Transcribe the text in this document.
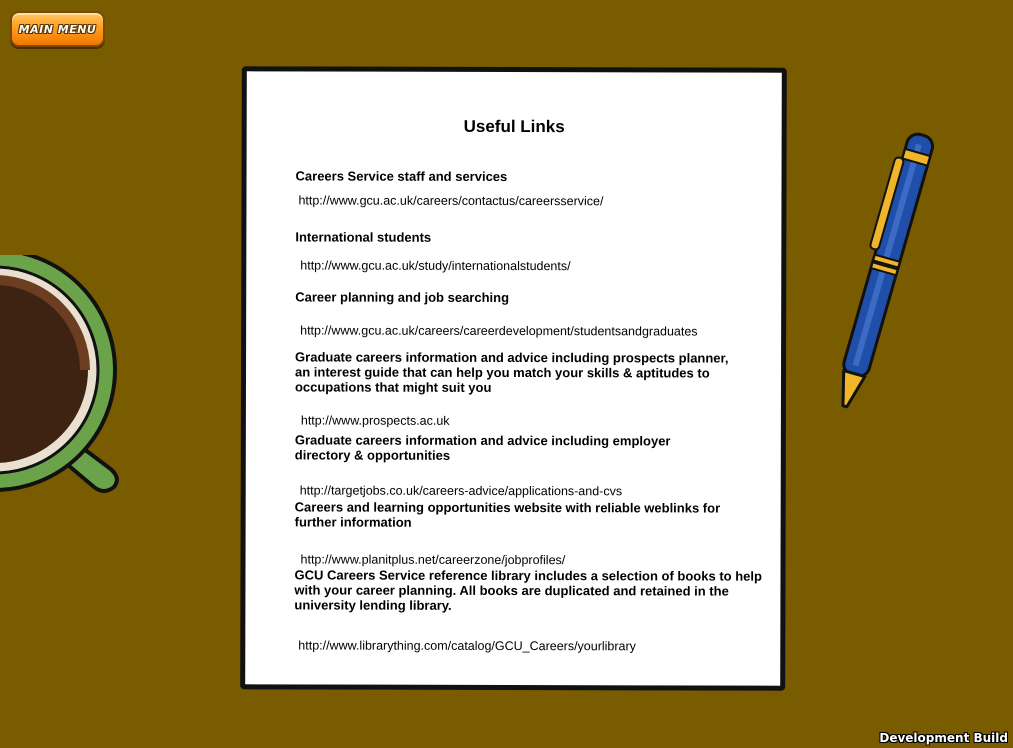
MAIN MENU
Useful Links
Careers Service staff and services
http://www.gcu.ac.uk/careers/contactus/careersservice/
International students
http://www.gcu.ac.uk/study/internationalstudents/
Career planning and job searching
http://www.gcu.ac.uk/careers/careerdevelopment/studentsandgraduates
Graduate careers information and advice including prospects planner, an interest guide that can help you match your skills & aptitudes to occupations that might suit you
http://www.prospects.ac.uk
Graduate careers information and advice including employer directory & opportunities
http://targetjobs.co.uk/careers-advice/applications-and-cvs
Careers and learning opportunities website with reliable weblinks for further information
http://www.planitplus.net/careerzone/jobprofiles/
GCU Careers Service reference library includes a selection of books to help with your career planning. All books are duplicated and retained in the university lending library.
http://www.librarything.com/catalog/GCU_Careers/yourlibrary
Development Build
